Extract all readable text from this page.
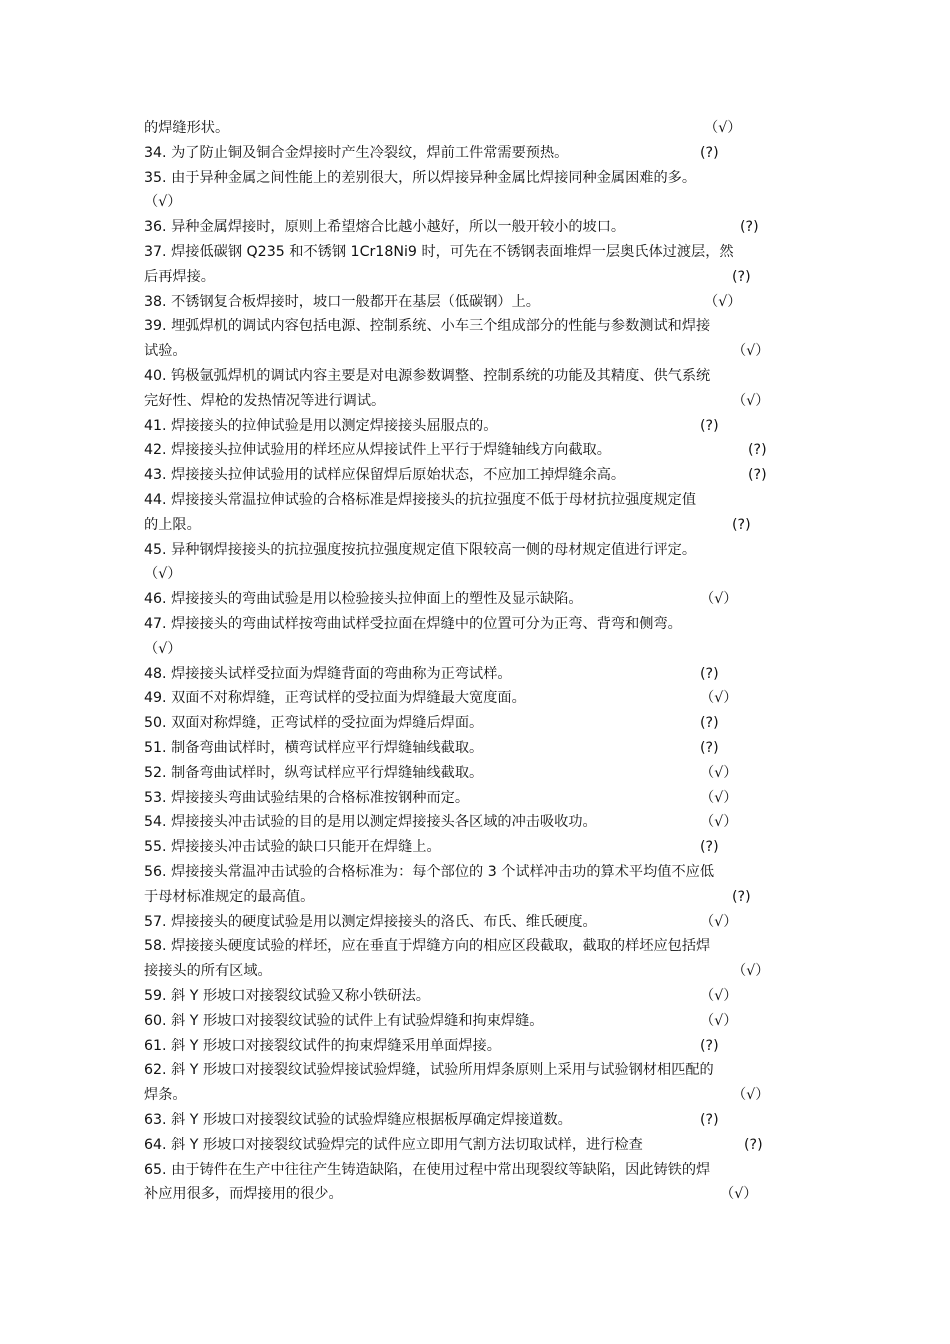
的焊缝形状。	（√）
34. 为了防止铜及铜合金焊接时产生冷裂纹，焊前工件常需要预热。	(?)
35. 由于异种金属之间性能上的差别很大，所以焊接异种金属比焊接同种金属困难的多。
（√）
36. 异种金属焊接时，原则上希望熔合比越小越好，所以一般开较小的坡口。	(?)
37. 焊接低碳钢 Q235 和不锈钢 1Cr18Ni9 时，可先在不锈钢表面堆焊一层奥氏体过渡层，然
后再焊接。	(?)
38. 不锈钢复合板焊接时，坡口一般都开在基层（低碳钢）上。	（√）
39. 埋弧焊机的调试内容包括电源、控制系统、小车三个组成部分的性能与参数测试和焊接
试验。	（√）
40. 钨极氩弧焊机的调试内容主要是对电源参数调整、控制系统的功能及其精度、供气系统
完好性、焊枪的发热情况等进行调试。	（√）
41. 焊接接头的拉伸试验是用以测定焊接接头屈服点的。	(?)
42. 焊接接头拉伸试验用的样坯应从焊接试件上平行于焊缝轴线方向截取。	(?)
43. 焊接接头拉伸试验用的试样应保留焊后原始状态，不应加工掉焊缝余高。	(?)
44. 焊接接头常温拉伸试验的合格标准是焊接接头的抗拉强度不低于母材抗拉强度规定值
的上限。	(?)
45. 异种钢焊接接头的抗拉强度按抗拉强度规定值下限较高一侧的母材规定值进行评定。
（√）
46. 焊接接头的弯曲试验是用以检验接头拉伸面上的塑性及显示缺陷。	（√）
47. 焊接接头的弯曲试样按弯曲试样受拉面在焊缝中的位置可分为正弯、背弯和侧弯。
（√）
48. 焊接接头试样受拉面为焊缝背面的弯曲称为正弯试样。	(?)
49. 双面不对称焊缝，正弯试样的受拉面为焊缝最大宽度面。	（√）
50. 双面对称焊缝，正弯试样的受拉面为焊缝后焊面。	(?)
51. 制备弯曲试样时，横弯试样应平行焊缝轴线截取。	(?)
52. 制备弯曲试样时，纵弯试样应平行焊缝轴线截取。	（√）
53. 焊接接头弯曲试验结果的合格标准按钢种而定。	（√）
54. 焊接接头冲击试验的目的是用以测定焊接接头各区域的冲击吸收功。	（√）
55. 焊接接头冲击试验的缺口只能开在焊缝上。	(?)
56. 焊接接头常温冲击试验的合格标准为：每个部位的 3 个试样冲击功的算术平均值不应低
于母材标准规定的最高值。	(?)
57. 焊接接头的硬度试验是用以测定焊接接头的洛氏、布氏、维氏硬度。	（√）
58. 焊接接头硬度试验的样坯，应在垂直于焊缝方向的相应区段截取，截取的样坯应包括焊
接接头的所有区域。	（√）
59. 斜 Y 形坡口对接裂纹试验又称小铁研法。	（√）
60. 斜 Y 形坡口对接裂纹试验的试件上有试验焊缝和拘束焊缝。	（√）
61. 斜 Y 形坡口对接裂纹试件的拘束焊缝采用单面焊接。	(?)
62. 斜 Y 形坡口对接裂纹试验焊接试验焊缝，试验所用焊条原则上采用与试验钢材相匹配的
焊条。	（√）
63. 斜 Y 形坡口对接裂纹试验的试验焊缝应根据板厚确定焊接道数。	(?)
64. 斜 Y 形坡口对接裂纹试验焊完的试件应立即用气割方法切取试样，进行检查	(?)
65. 由于铸件在生产中往往产生铸造缺陷，在使用过程中常出现裂纹等缺陷，因此铸铁的焊
补应用很多，而焊接用的很少。	（√）
